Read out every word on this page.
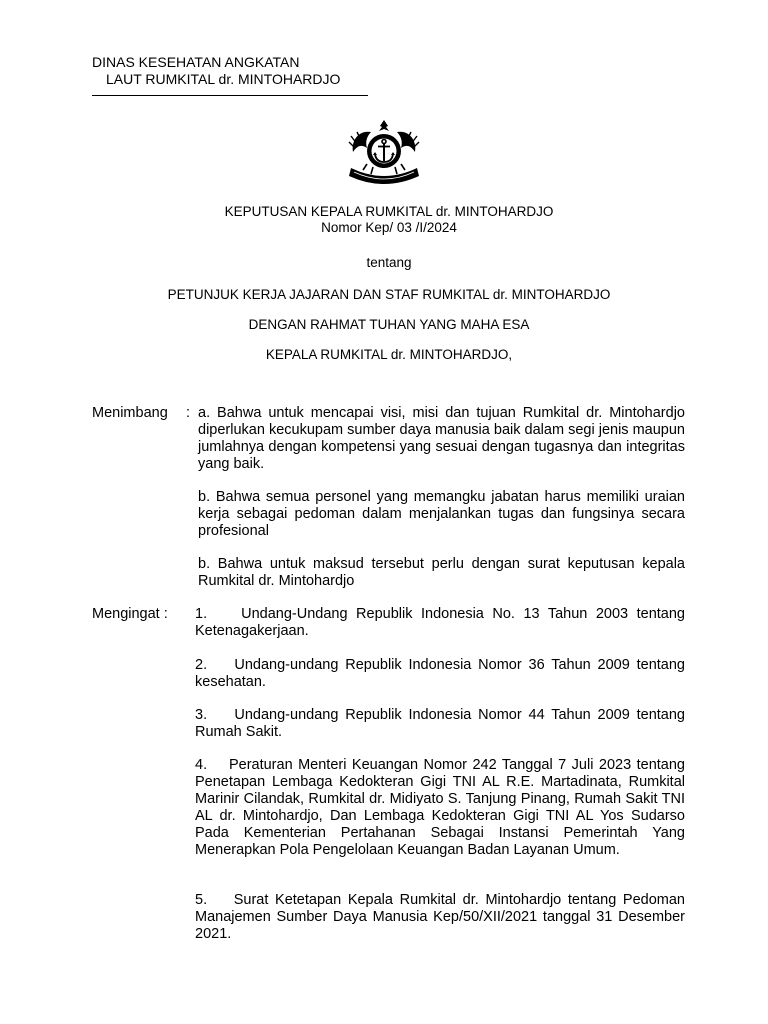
DINAS KESEHATAN ANGKATAN
LAUT RUMKITAL dr. MINTOHARDJO
KEPUTUSAN KEPALA RUMKITAL dr. MINTOHARDJO
Nomor Kep/ 03 /I/2024
tentang
PETUNJUK KERJA JAJARAN DAN STAF RUMKITAL dr. MINTOHARDJO
DENGAN RAHMAT TUHAN YANG MAHA ESA
KEPALA RUMKITAL dr. MINTOHARDJO,
Menimbang : a. Bahwa untuk mencapai visi, misi dan tujuan Rumkital dr. Mintohardjo diperlukan kecukupam sumber daya manusia baik dalam segi jenis maupun jumlahnya dengan kompetensi yang sesuai dengan tugasnya dan integritas yang baik.
b. Bahwa semua personel yang memangku jabatan harus memiliki uraian kerja sebagai pedoman dalam menjalankan tugas dan fungsinya secara profesional
b. Bahwa untuk maksud tersebut perlu dengan surat keputusan kepala Rumkital dr. Mintohardjo
Mengingat : 1.    Undang-Undang Republik Indonesia No. 13 Tahun 2003 tentang Ketenagakerjaan.
2.    Undang-undang Republik Indonesia Nomor 36 Tahun 2009 tentang kesehatan.
3.    Undang-undang Republik Indonesia Nomor 44 Tahun 2009 tentang Rumah Sakit.
4.    Peraturan Menteri Keuangan Nomor 242 Tanggal 7 Juli 2023 tentang Penetapan Lembaga Kedokteran Gigi TNI AL R.E. Martadinata, Rumkital Marinir Cilandak, Rumkital dr. Midiyato S. Tanjung Pinang, Rumah Sakit TNI AL dr. Mintohardjo, Dan Lembaga Kedokteran Gigi TNI AL Yos Sudarso Pada Kementerian Pertahanan Sebagai Instansi Pemerintah Yang Menerapkan Pola Pengelolaan Keuangan Badan Layanan Umum.
5.    Surat Ketetapan Kepala Rumkital dr. Mintohardjo tentang Pedoman Manajemen Sumber Daya Manusia Kep/50/XII/2021 tanggal 31 Desember 2021.
